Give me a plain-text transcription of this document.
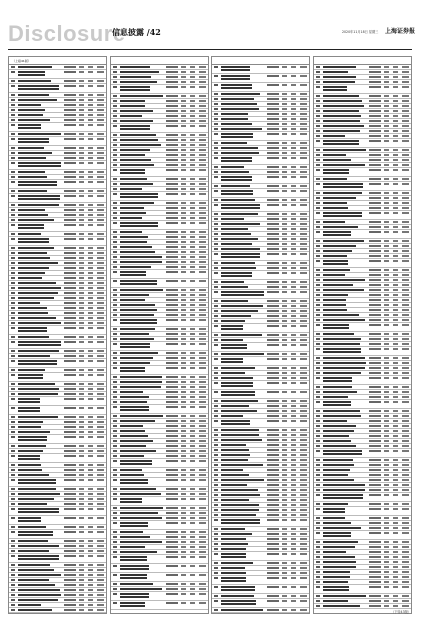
Disclosure
信息披露 /42	2020年11月18日 星期三 上海证券报
（上接41版）
（下转43版）
